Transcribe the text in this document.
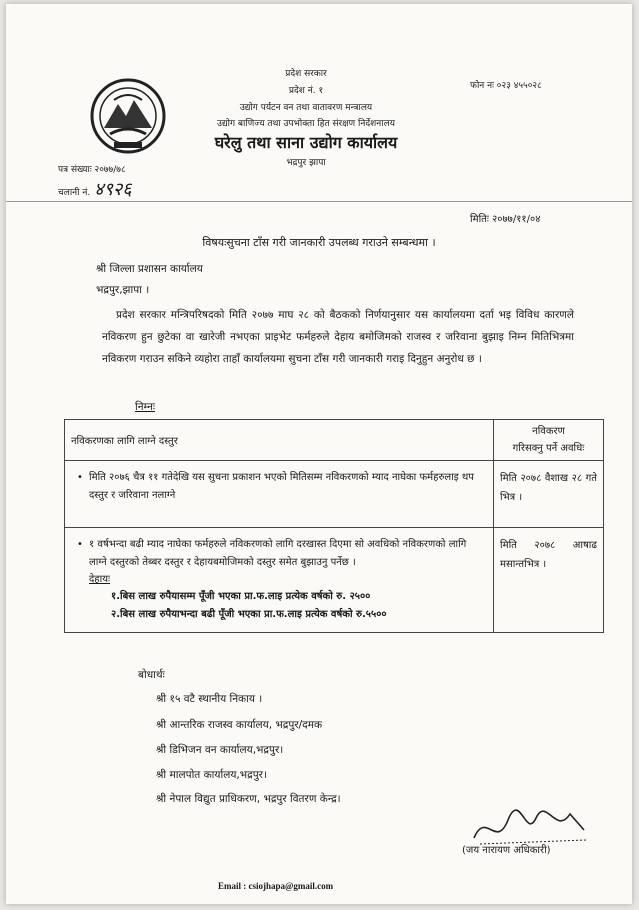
प्रदेश सरकार
प्रदेश नं. १
उद्योग पर्यटन वन तथा वातावरण मन्त्रालय
उद्योग बाणिज्य तथा उपभोक्ता हित संरक्षण निर्देशनालय
घरेलु तथा साना उद्योग कार्यालय
भद्रपुर झापा
फोन नः ०२३ ४५५०२८
पत्र संख्याः २०७७/७८
चलानी नं. ४९२६
मितिः २०७७/११/०४
विषयःसुचना टाँस गरी जानकारी उपलब्ध गराउने सम्बन्धमा ।
श्री जिल्ला प्रशासन कार्यालय
भद्रपुर,झापा ।
प्रदेश सरकार मन्त्रिपरिषदको मिति २०७७ माघ २८ को बैठकको निर्णयानुसार यस कार्यालयमा दर्ता भइ विविध कारणले नविकरण हुन छुटेका वा खारेजी नभएका प्राइभेट फर्महरुले देहाय बमोजिमको राजस्व र जरिवाना बुझाइ निम्न मितिभित्रमा नविकरण गराउन सकिने व्यहोरा ताहाँ कार्यालयमा सुचना टाँस गरी जानकारी गराइ दिनुहुन अनुरोध छ ।
निम्नः
नविकरणका लागि लाग्ने दस्तुर	नविकरण
गरिसक्नु पर्ने अवधिः

• मिति २०७६ चैत्र ११ गतेदेखि यस सुचना प्रकाशन भएको मितिसम्म नविकरणको म्याद नाघेका फर्महरुलाइ थप दस्तुर र जरिवाना नलाग्ने	मिति २०७८ वैशाख २८ गते भित्र ।

• १ वर्षभन्दा बढी म्याद नाघेका फर्महरुले नविकरणको लागि दरखास्त दिएमा सो अवधिको नविकरणको लागि लाग्ने दस्तुरको तेब्बर दस्तुर र देहायबमोजिमको दस्तुर समेत बुझाउनु पर्नेछ ।
देहायः
१.बिस लाख रुपैयासम्म पूँजी भएका प्रा.फ.लाइ प्रत्येक वर्षको रु. २५००
२.बिस लाख रुपैयाभन्दा बढी पूँजी भएका प्रा.फ.लाइ प्रत्येक वर्षको रु.५५००	मिति २०७८ आषाढ मसान्तभित्र ।
बोधार्थः
श्री १५ वटै स्थानीय निकाय ।
श्री आन्तरिक राजस्व कार्यालय, भद्रपुर/दमक
श्री डिभिजन वन कार्यालय,भद्रपुर।
श्री मालपोत कार्यालय,भद्रपुर।
श्री नेपाल विद्युत प्राधिकरण, भद्रपुर वितरण केन्द्र।
(जय नारायण अधिकारी)
Email : csiojhapa@gmail.com
